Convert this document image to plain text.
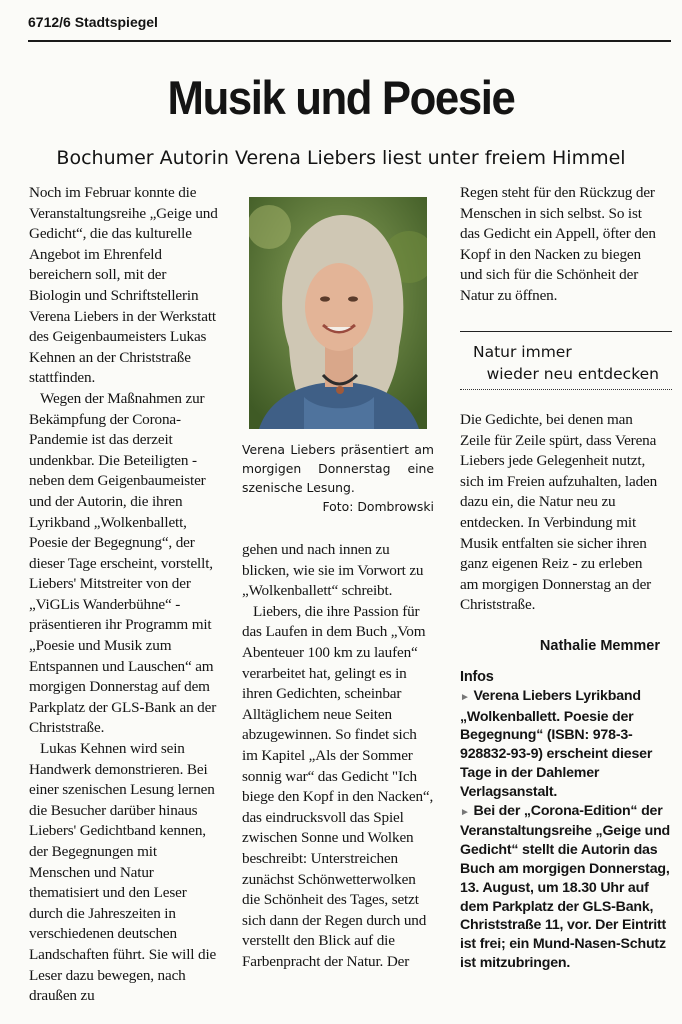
6712/6 Stadtspiegel
Musik und Poesie
Bochumer Autorin Verena Liebers liest unter freiem Himmel

Noch im Februar konnte die Veranstaltungsreihe „Geige und Gedicht“, die das kulturelle Angebot im Ehrenfeld bereichern soll, mit der Biologin und Schriftstellerin Verena Liebers in der Werkstatt des Geigenbaumeisters Lukas Kehnen an der Christstraße stattfinden.

Wegen der Maßnahmen zur Bekämpfung der Corona-Pandemie ist das derzeit undenkbar. Die Beteiligten - neben dem Geigenbaumeister und der Autorin, die ihren Lyrikband „Wolkenballett, Poesie der Begegnung“, der dieser Tage erscheint, vorstellt, Liebers' Mitstreiter von der „ViGLis Wanderbühne“ - präsentieren ihr Programm mit „Poesie und Musik zum Entspannen und Lauschen“ am morgigen Donnerstag auf dem Parkplatz der GLS-Bank an der Christstraße.

Lukas Kehnen wird sein Handwerk demonstrieren. Bei einer szenischen Lesung lernen die Besucher darüber hinaus Liebers' Gedichtband kennen, der Begegnungen mit Menschen und Natur thematisiert und den Leser durch die Jahreszeiten in verschiedenen deutschen Landschaften führt. Sie will die Leser dazu bewegen, nach draußen zu

Verena Liebers präsentiert am morgigen Donnerstag eine szenische Lesung.
Foto: Dombrowski

gehen und nach innen zu blicken, wie sie im Vorwort zu „Wolkenballett“ schreibt.

Liebers, die ihre Passion für das Laufen in dem Buch „Vom Abenteuer 100 km zu laufen“ verarbeitet hat, gelingt es in ihren Gedichten, scheinbar Alltäglichem neue Seiten abzugewinnen. So findet sich im Kapitel „Als der Sommer sonnig war“ das Gedicht "Ich biege den Kopf in den Nacken“, das eindrucksvoll das Spiel zwischen Sonne und Wolken beschreibt: Unterstreichen zunächst Schönwetterwolken die Schönheit des Tages, setzt sich dann der Regen durch und verstellt den Blick auf die Farbenpracht der Natur. Der

Regen steht für den Rückzug der Menschen in sich selbst. So ist das Gedicht ein Appell, öfter den Kopf in den Nacken zu biegen und sich für die Schönheit der Natur zu öffnen.

Natur immer
wieder neu entdecken

Die Gedichte, bei denen man Zeile für Zeile spürt, dass Verena Liebers jede Gelegenheit nutzt, sich im Freien aufzuhalten, laden dazu ein, die Natur neu zu entdecken. In Verbindung mit Musik entfalten sie sicher ihren ganz eigenen Reiz - zu erleben am morgigen Donnerstag an der Christstraße.

Nathalie Memmer
Infos

► Verena Liebers Lyrikband „Wolkenballett. Poesie der Begegnung“ (ISBN: 978-3-928832-93-9) erscheint dieser Tage in der Dahlemer Verlagsanstalt.

► Bei der „Corona-Edition“ der Veranstaltungsreihe „Geige und Gedicht“ stellt die Autorin das Buch am morgigen Donnerstag, 13. August, um 18.30 Uhr auf dem Parkplatz der GLS-Bank, Christstraße 11, vor. Der Eintritt ist frei; ein Mund-Nasen-Schutz ist mitzubringen.
